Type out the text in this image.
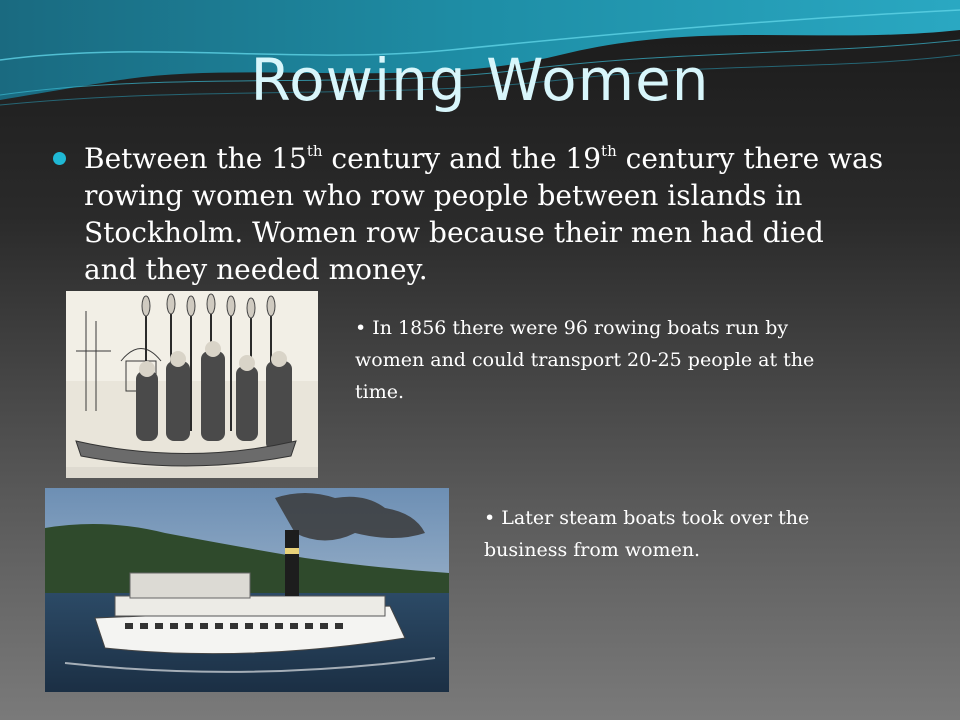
Rowing Women
Between the 15th century and the 19th century there was rowing women who row people between islands in Stockholm. Women row because their men had died and they needed money.
• In 1856 there were 96 rowing boats run by women and could transport 20-25 people at the time.
• Later steam boats took over the business from women.
